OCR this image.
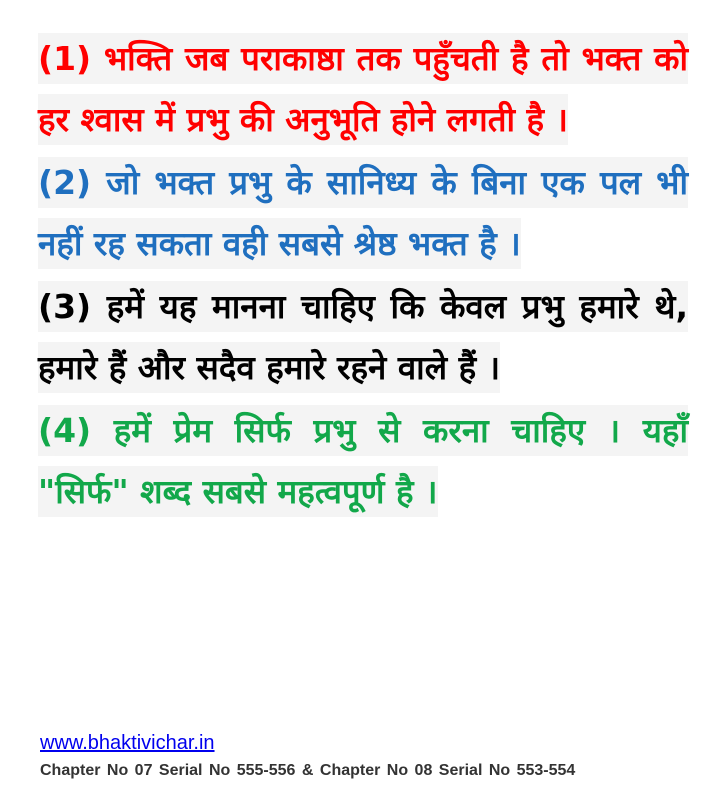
(1) भक्ति जब पराकाष्ठा तक पहुँचती है तो भक्त को हर श्वास में प्रभु की अनुभूति होने लगती है ।

(2) जो भक्त प्रभु के सानिध्य के बिना एक पल भी नहीं रह सकता वही सबसे श्रेष्ठ भक्त है ।

(3) हमें यह मानना चाहिए कि केवल प्रभु हमारे थे, हमारे हैं और सदैव हमारे रहने वाले हैं ।

(4) हमें प्रेम सिर्फ प्रभु से करना चाहिए । यहाँ "सिर्फ" शब्द सबसे महत्वपूर्ण है ।

www.bhaktivichar.in
Chapter No 07 Serial No 555-556 & Chapter No 08 Serial No 553-554
